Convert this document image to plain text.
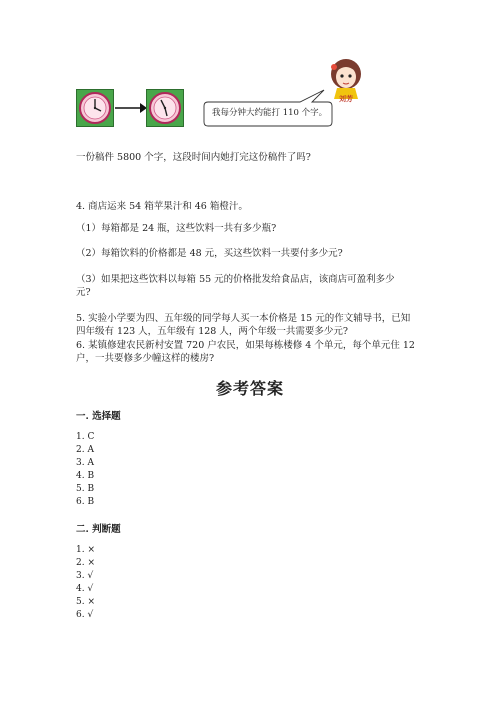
我每分钟大约能打 110 个字。
刘芳
一份稿件 5800 个字，这段时间内她打完这份稿件了吗?
4. 商店运来 54 箱苹果汁和 46 箱橙汁。
（1）每箱都是 24 瓶，这些饮料一共有多少瓶?
（2）每箱饮料的价格都是 48 元，买这些饮料一共要付多少元?
（3）如果把这些饮料以每箱 55 元的价格批发给食品店，该商店可盈利多少
元?
5. 实验小学要为四、五年级的同学每人买一本价格是 15 元的作文辅导书，已知
四年级有 123 人，五年级有 128 人，两个年级一共需要多少元?
6. 某镇修建农民新村安置 720 户农民，如果每栋楼修 4 个单元，每个单元住 12
户，一共要修多少幢这样的楼房?
参考答案
一. 选择题
1. C
2. A
3. A
4. B
5. B
6. B
二. 判断题
1. ×
2. ×
3. √
4. √
5. ×
6. √
